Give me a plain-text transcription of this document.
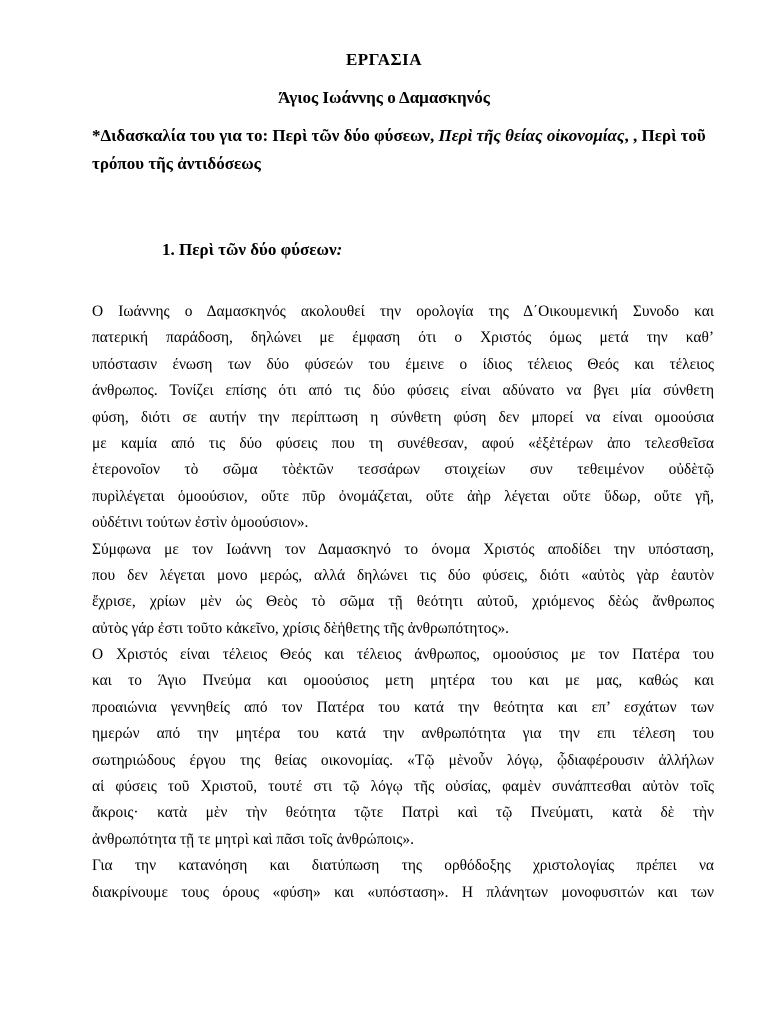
ΕΡΓΑΣΙΑ
Άγιος Ιωάννης ο Δαμασκηνός
*Διδασκαλία του για το: Περὶ τῶν δύο φύσεων, Περὶ τῆς θείας οἰκονομίας, , Περὶ τοῦ τρόπου τῆς ἀντιδόσεως
1. Περὶ τῶν δύο φύσεων:
Ο Ιωάννης ο Δαμασκηνός ακολουθεί την ορολογία της Δ΄Οικουμενική Συνοδο και
πατερική παράδοση, δηλώνει με έμφαση ότι ο Χριστός όμως μετά την καθ’
υπόστασιν ένωση των δύο φύσεών του έμεινε ο ίδιος τέλειος Θεός και τέλειος
άνθρωπος. Τονίζει επίσης ότι από τις δύο φύσεις είναι αδύνατο να βγει μία σύνθετη
φύση, διότι σε αυτήν την περίπτωση η σύνθετη φύση δεν μπορεί να είναι ομοούσια
με καμία από τις δύο φύσεις που τη συνέθεσαν, αφού «ἐξἐτέρων ἀπο τελεσθεῖσα
ἑτερονοῖον τὸ σῶμα τὸἐκτῶν τεσσάρων στοιχείων συν τεθειμένον οὐδὲτῷ
πυρὶλέγεται ὁμοούσιον, οὔτε πῦρ ὀνομάζεται, οὔτε ἀὴρ λέγεται οὔτε ὕδωρ, οὔτε γῆ,
οὐδέτινι τούτων ἐστὶν ὁμοούσιον».
Σύμφωνα με τον Ιωάννη τον Δαμασκηνό το όνομα Χριστός αποδίδει την υπόσταση,
που δεν λέγεται μονο μερώς, αλλά δηλώνει τις δύο φύσεις, διότι «αὐτὸς γὰρ ἑαυτὸν
ἔχρισε, χρίων μὲν ὡς Θεὸς τὸ σῶμα τῇ θεότητι αὐτοῦ, χριόμενος δὲὡς ἄνθρωπος
αὐτὸς γάρ ἐστι τοῦτο κἀκεῖνο, χρίσις δὲἡθετης τῆς ἀνθρωπότητος».
Ο Χριστός είναι τέλειος Θεός και τέλειος άνθρωπος, ομοούσιος με τον Πατέρα του
και το Άγιο Πνεύμα και ομοούσιος μετη μητέρα του και με μας, καθώς και
προαιώνια γεννηθείς από τον Πατέρα του κατά την θεότητα και επ’ εσχάτων των
ημερών από την μητέρα του κατά την ανθρωπότητα για την επι τέλεση του
σωτηριώδους έργου της θείας οικονομίας. «Τῷ μὲνοὖν λόγῳ, ᾧδιαφέρουσιν ἀλλήλων
αἱ φύσεις τοῦ Χριστοῦ, τουτέ στι τῷ λόγῳ τῆς οὐσίας, φαμὲν συνάπτεσθαι αὐτὸν τοῖς
ἄκροις· κατὰ μὲν τὴν θεότητα τῷτε Πατρὶ καὶ τῷ Πνεύματι, κατὰ δὲ τὴν
ἀνθρωπότητα τῇ τε μητρὶ καὶ πᾶσι τοῖς ἀνθρώποις».
Για την κατανόηση και διατύπωση της ορθόδοξης χριστολογίας πρέπει να
διακρίνουμε τους όρους «φύση» και «υπόσταση». Η πλάνητων μονοφυσιτών και των
